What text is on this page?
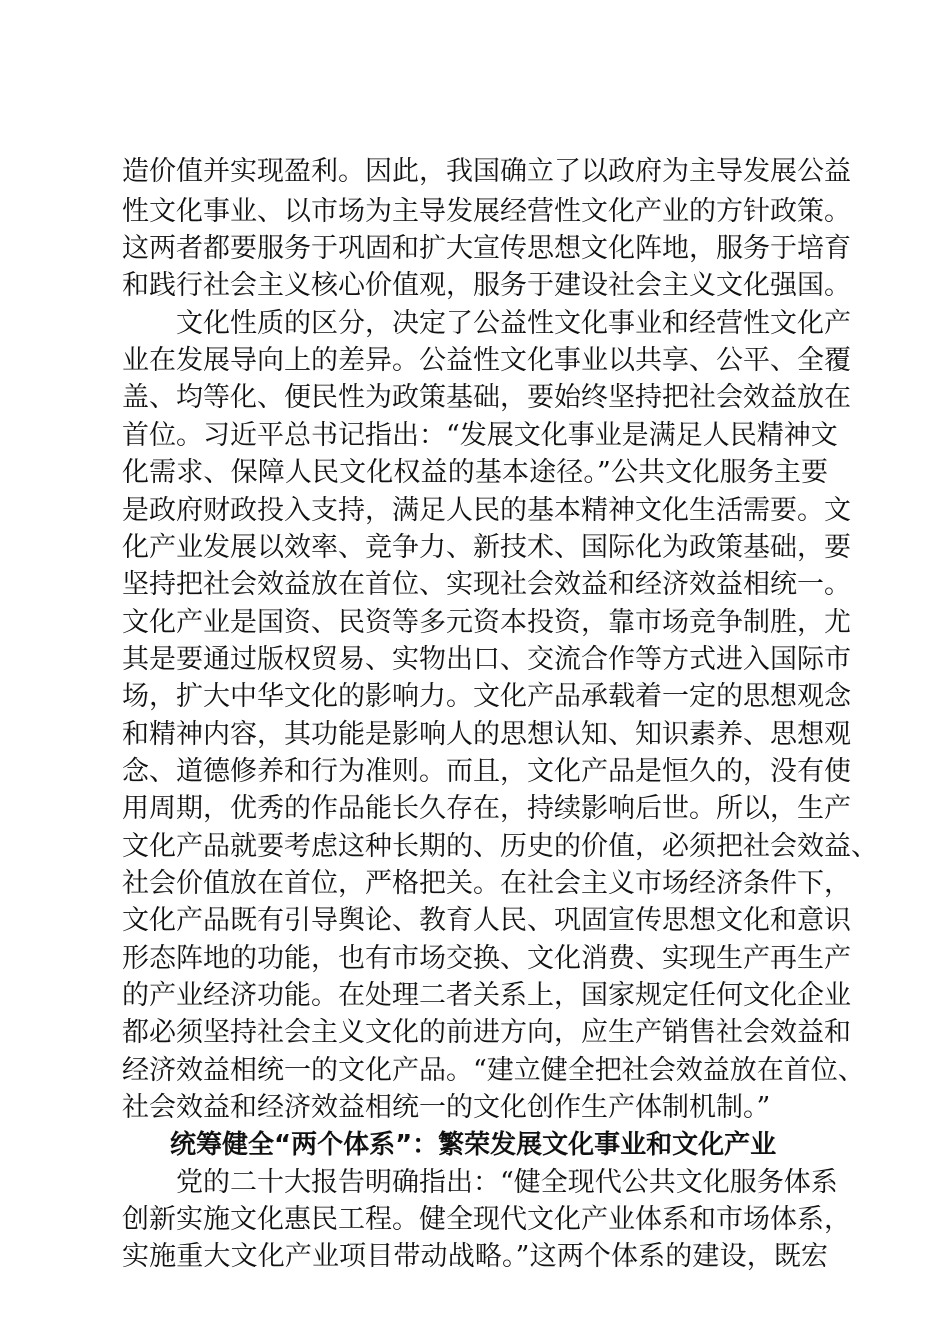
造价值并实现盈利。因此，我国确立了以政府为主导发展公益
性文化事业、以市场为主导发展经营性文化产业的方针政策。
这两者都要服务于巩固和扩大宣传思想文化阵地，服务于培育
和践行社会主义核心价值观，服务于建设社会主义文化强国。
文化性质的区分，决定了公益性文化事业和经营性文化产
业在发展导向上的差异。公益性文化事业以共享、公平、全覆
盖、均等化、便民性为政策基础，要始终坚持把社会效益放在
首位。习近平总书记指出：“发展文化事业是满足人民精神文
化需求、保障人民文化权益的基本途径。”公共文化服务主要
是政府财政投入支持，满足人民的基本精神文化生活需要。文
化产业发展以效率、竞争力、新技术、国际化为政策基础，要
坚持把社会效益放在首位、实现社会效益和经济效益相统一。
文化产业是国资、民资等多元资本投资，靠市场竞争制胜，尤
其是要通过版权贸易、实物出口、交流合作等方式进入国际市
场，扩大中华文化的影响力。文化产品承载着一定的思想观念
和精神内容，其功能是影响人的思想认知、知识素养、思想观
念、道德修养和行为准则。而且，文化产品是恒久的，没有使
用周期，优秀的作品能长久存在，持续影响后世。所以，生产
文化产品就要考虑这种长期的、历史的价值，必须把社会效益、
社会价值放在首位，严格把关。在社会主义市场经济条件下，
文化产品既有引导舆论、教育人民、巩固宣传思想文化和意识
形态阵地的功能，也有市场交换、文化消费、实现生产再生产
的产业经济功能。在处理二者关系上，国家规定任何文化企业
都必须坚持社会主义文化的前进方向，应生产销售社会效益和
经济效益相统一的文化产品。“建立健全把社会效益放在首位、
社会效益和经济效益相统一的文化创作生产体制机制。”
统筹健全“两个体系”：繁荣发展文化事业和文化产业
党的二十大报告明确指出：“健全现代公共文化服务体系
创新实施文化惠民工程。健全现代文化产业体系和市场体系，
实施重大文化产业项目带动战略。”这两个体系的建设，既宏
